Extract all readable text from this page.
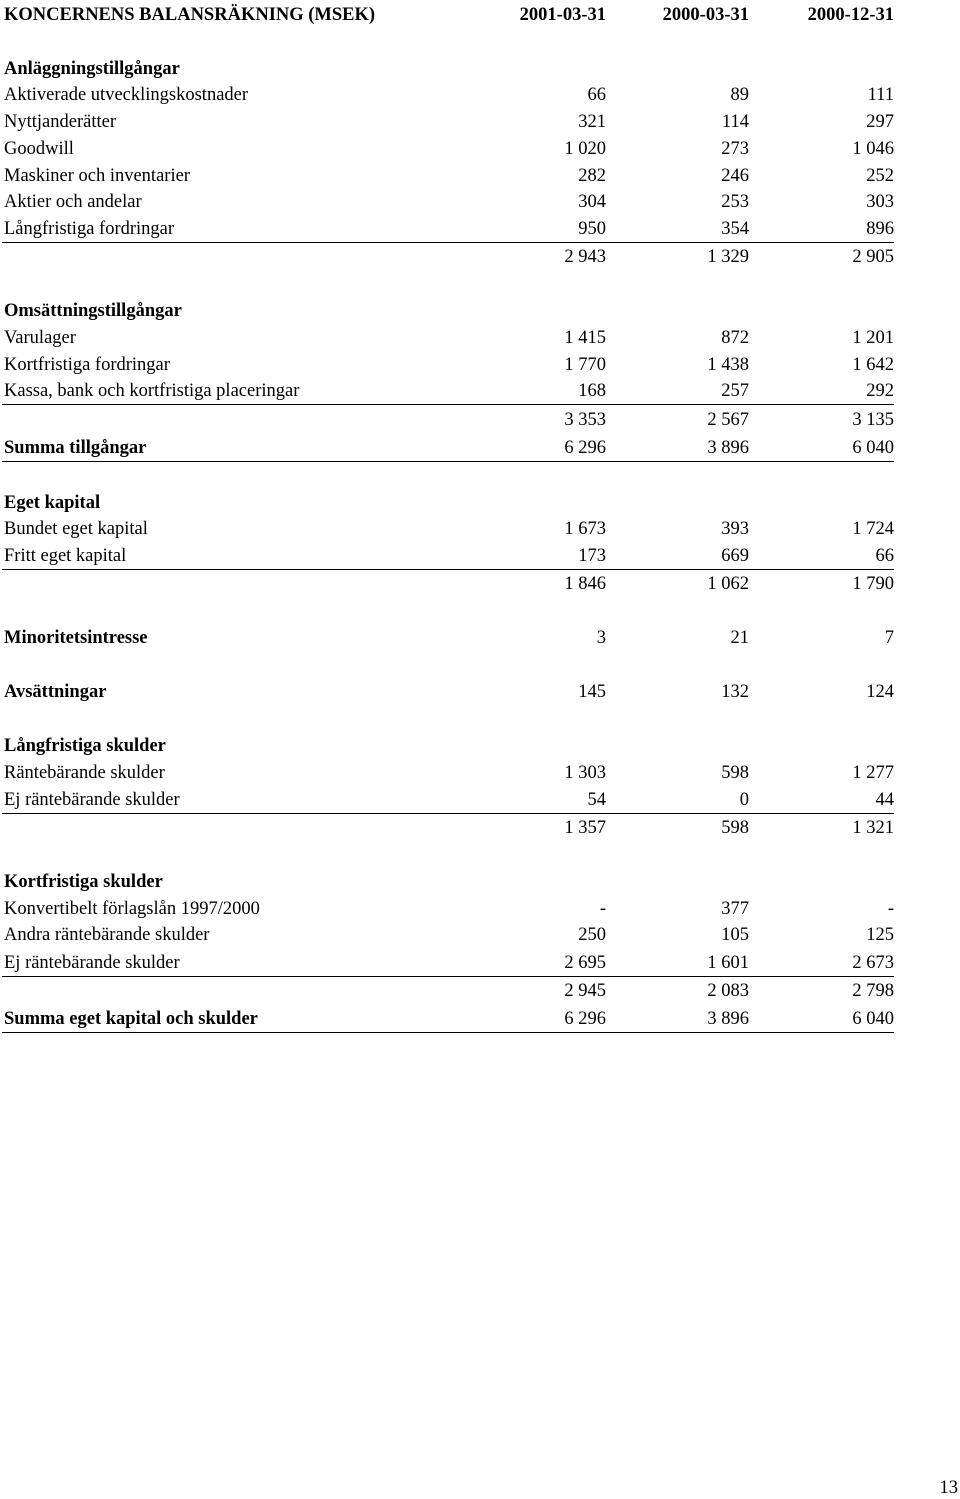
KONCERNENS BALANSRÄKNING (MSEK)	2001-03-31	2000-03-31	2000-12-31
Anläggningstillgångar
Aktiverade utvecklingskostnader	66	89	111
Nyttjanderätter	321	114	297
Goodwill	1 020	273	1 046
Maskiner och inventarier	282	246	252
Aktier och andelar	304	253	303
Långfristiga fordringar	950	354	896
2 943	1 329	2 905
Omsättningstillgångar
Varulager	1 415	872	1 201
Kortfristiga fordringar	1 770	1 438	1 642
Kassa, bank och kortfristiga placeringar	168	257	292
3 353	2 567	3 135
Summa tillgångar	6 296	3 896	6 040
Eget kapital
Bundet eget kapital	1 673	393	1 724
Fritt eget kapital	173	669	66
1 846	1 062	1 790
Minoritetsintresse	3	21	7
Avsättningar	145	132	124
Långfristiga skulder
Räntebärande skulder	1 303	598	1 277
Ej räntebärande skulder	54	0	44
1 357	598	1 321
Kortfristiga skulder
Konvertibelt förlagslån 1997/2000	-	377	-
Andra räntebärande skulder	250	105	125
Ej räntebärande skulder	2 695	1 601	2 673
2 945	2 083	2 798
Summa eget kapital och skulder	6 296	3 896	6 040
13
